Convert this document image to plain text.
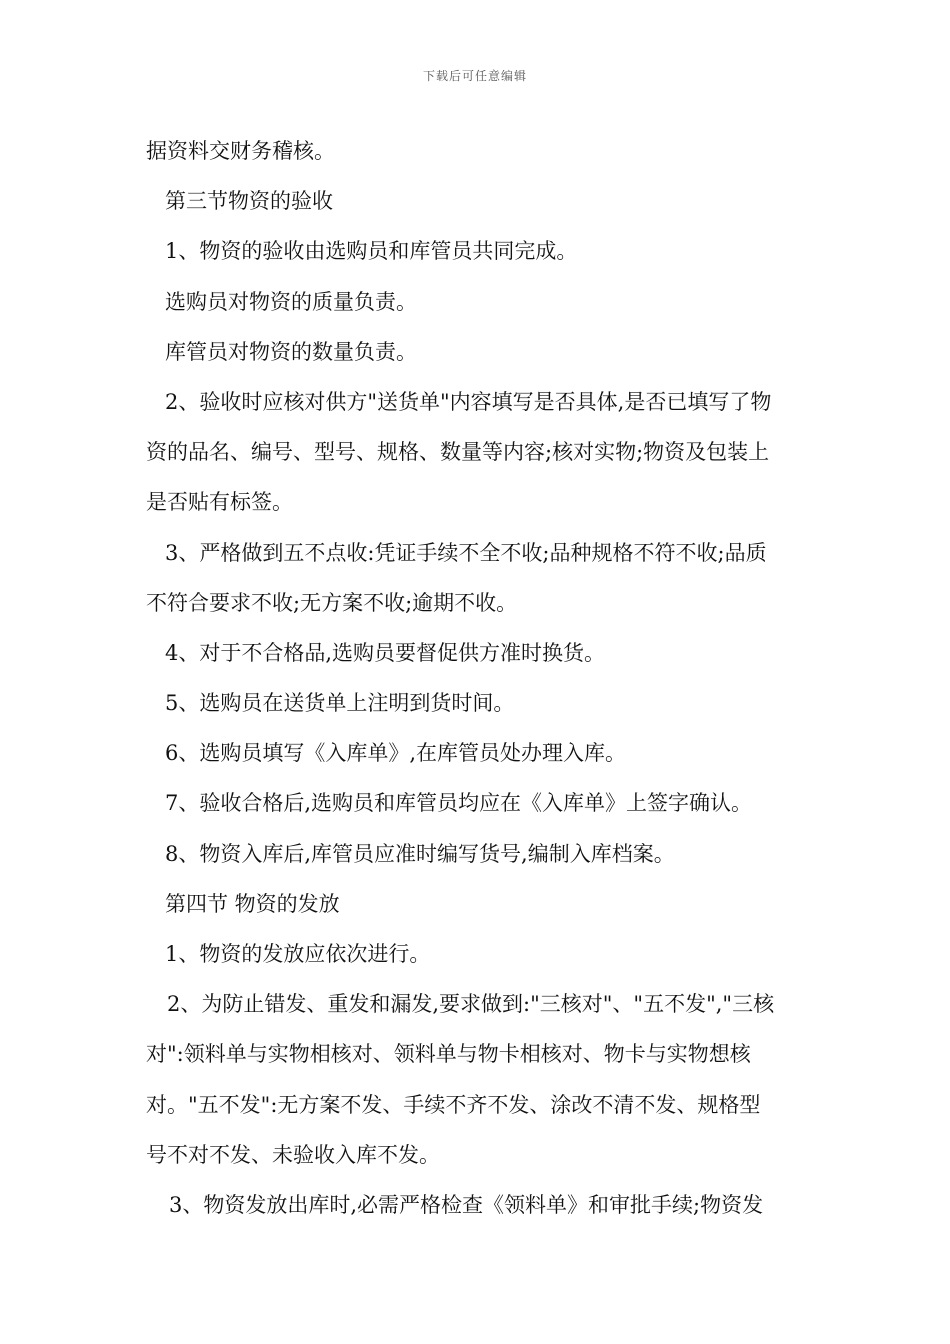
下载后可任意编辑
据资料交财务稽核。
第三节物资的验收
1、物资的验收由选购员和库管员共同完成。
选购员对物资的质量负责。
库管员对物资的数量负责。
2、验收时应核对供方"送货单"内容填写是否具体,是否已填写了物
资的品名、编号、型号、规格、数量等内容;核对实物;物资及包装上
是否贴有标签。
3、严格做到五不点收:凭证手续不全不收;品种规格不符不收;品质
不符合要求不收;无方案不收;逾期不收。
4、对于不合格品,选购员要督促供方准时换货。
5、选购员在送货单上注明到货时间。
6、选购员填写《入库单》,在库管员处办理入库。
7、验收合格后,选购员和库管员均应在《入库单》上签字确认。
8、物资入库后,库管员应准时编写货号,编制入库档案。
第四节 物资的发放
1、物资的发放应依次进行。
2、为防止错发、重发和漏发,要求做到:"三核对"、"五不发","三核
对":领料单与实物相核对、领料单与物卡相核对、物卡与实物想核
对。"五不发":无方案不发、手续不齐不发、涂改不清不发、规格型
号不对不发、未验收入库不发。
3、物资发放出库时,必需严格检查《领料单》和审批手续;物资发
